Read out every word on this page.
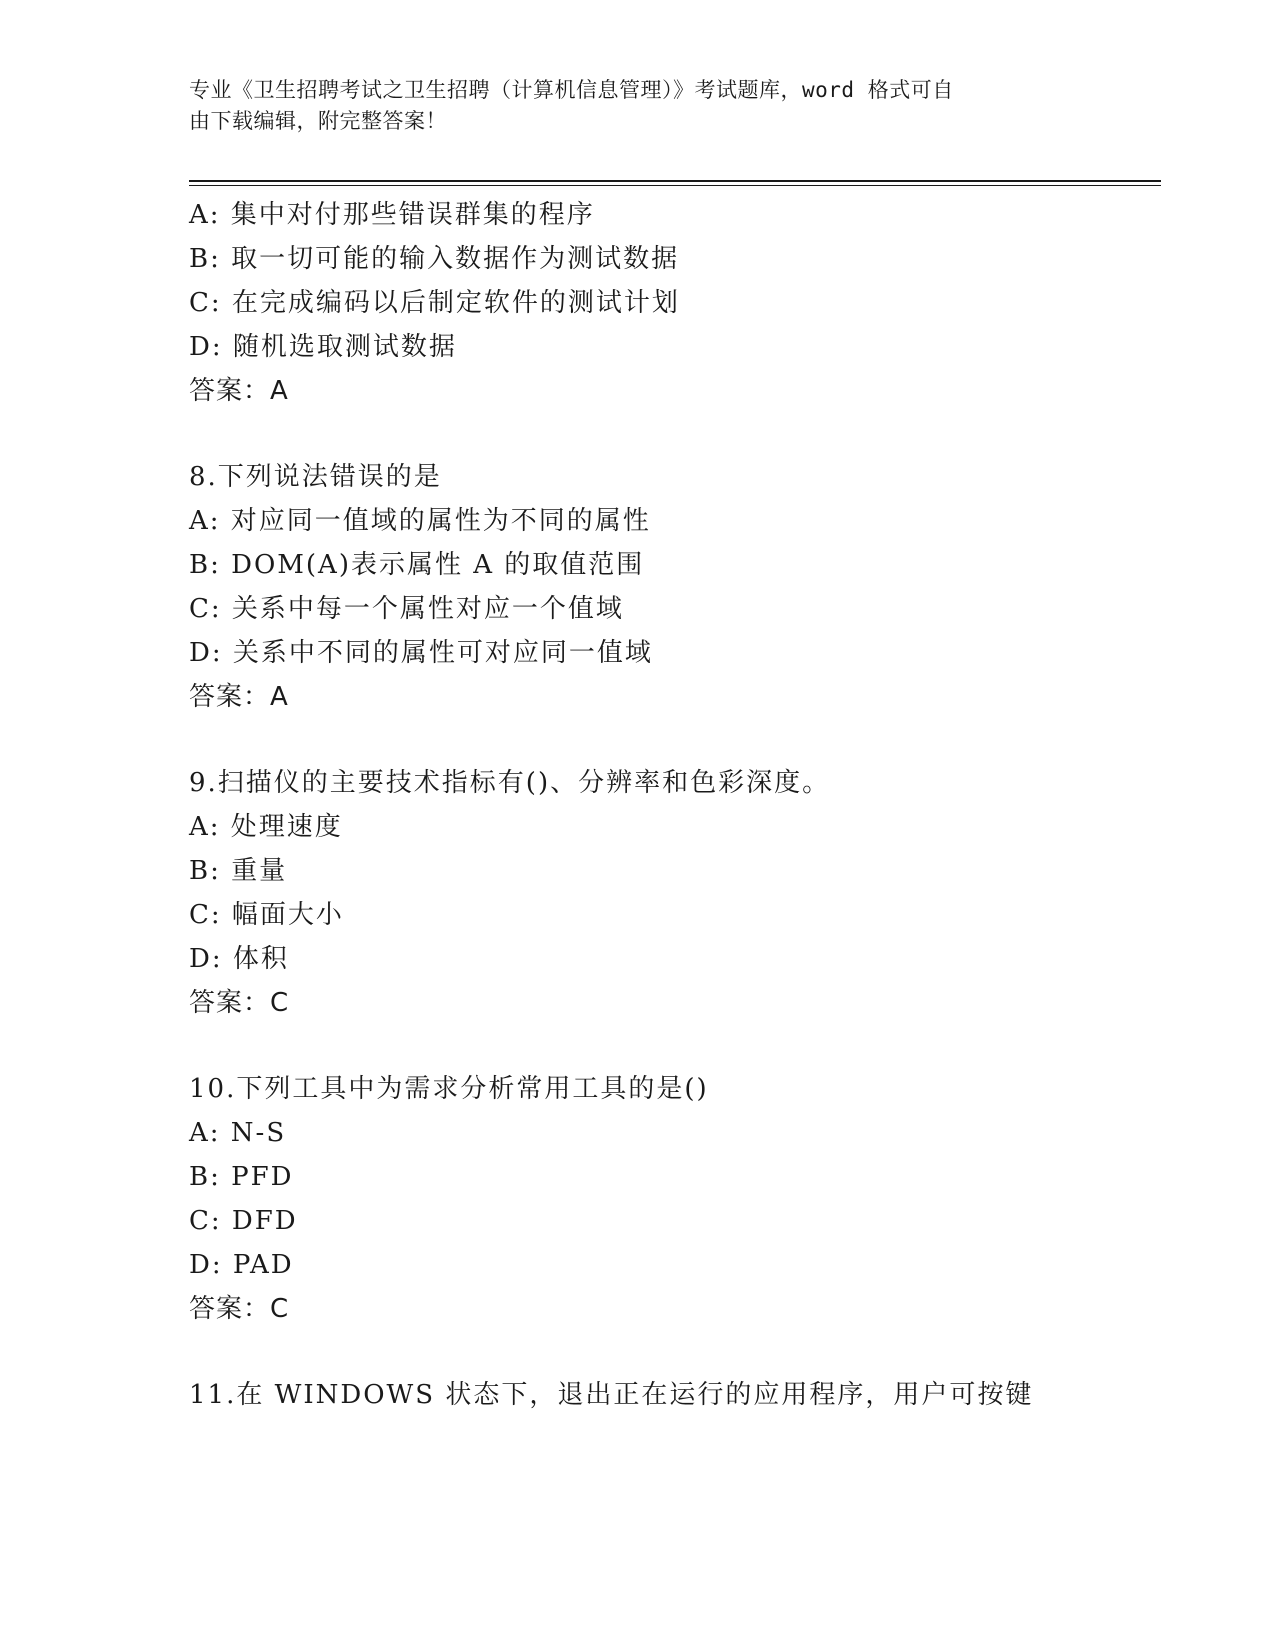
专业《卫生招聘考试之卫生招聘（计算机信息管理）》考试题库，word 格式可自
由下载编辑，附完整答案！
A: 集中对付那些错误群集的程序
B: 取一切可能的输入数据作为测试数据
C: 在完成编码以后制定软件的测试计划
D: 随机选取测试数据
答案：A
8.下列说法错误的是
A: 对应同一值域的属性为不同的属性
B: DOM(A)表示属性 A 的取值范围
C: 关系中每一个属性对应一个值域
D: 关系中不同的属性可对应同一值域
答案：A
9.扫描仪的主要技术指标有()、分辨率和色彩深度。
A: 处理速度
B: 重量
C: 幅面大小
D: 体积
答案：C
10.下列工具中为需求分析常用工具的是()
A: N-S
B: PFD
C: DFD
D: PAD
答案：C
11.在 WINDOWS 状态下，退出正在运行的应用程序，用户可按键
